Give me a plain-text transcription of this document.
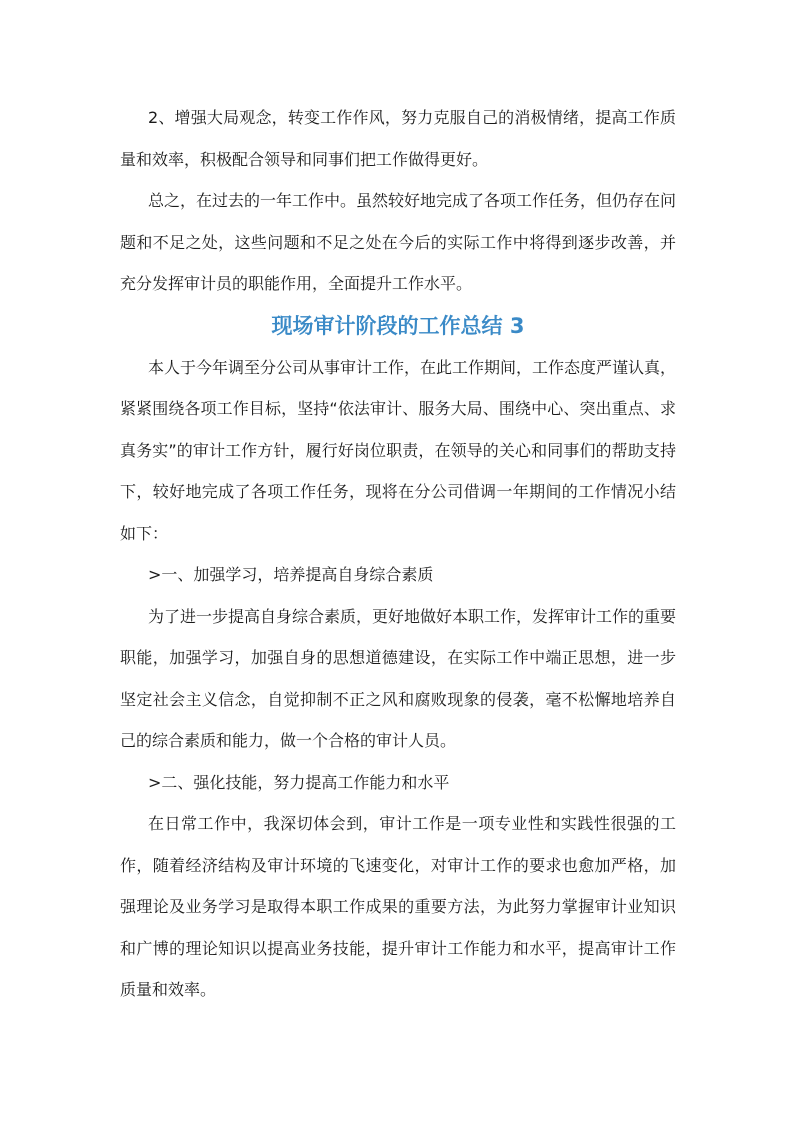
2、增强大局观念，转变工作作风，努力克服自己的消极情绪，提高工作质量和效率，积极配合领导和同事们把工作做得更好。

总之，在过去的一年工作中。虽然较好地完成了各项工作任务，但仍存在问题和不足之处，这些问题和不足之处在今后的实际工作中将得到逐步改善，并充分发挥审计员的职能作用，全面提升工作水平。

现场审计阶段的工作总结 3

本人于今年调至分公司从事审计工作，在此工作期间，工作态度严谨认真，紧紧围绕各项工作目标，坚持“依法审计、服务大局、围绕中心、突出重点、求真务实”的审计工作方针，履行好岗位职责，在领导的关心和同事们的帮助支持下，较好地完成了各项工作任务，现将在分公司借调一年期间的工作情况小结如下：

>一、加强学习，培养提高自身综合素质

为了进一步提高自身综合素质，更好地做好本职工作，发挥审计工作的重要职能，加强学习，加强自身的思想道德建设，在实际工作中端正思想，进一步坚定社会主义信念，自觉抑制不正之风和腐败现象的侵袭，毫不松懈地培养自己的综合素质和能力，做一个合格的审计人员。

>二、强化技能，努力提高工作能力和水平

在日常工作中，我深切体会到，审计工作是一项专业性和实践性很强的工作，随着经济结构及审计环境的飞速变化，对审计工作的要求也愈加严格，加强理论及业务学习是取得本职工作成果的重要方法，为此努力掌握审计业知识和广博的理论知识以提高业务技能，提升审计工作能力和水平，提高审计工作质量和效率。
